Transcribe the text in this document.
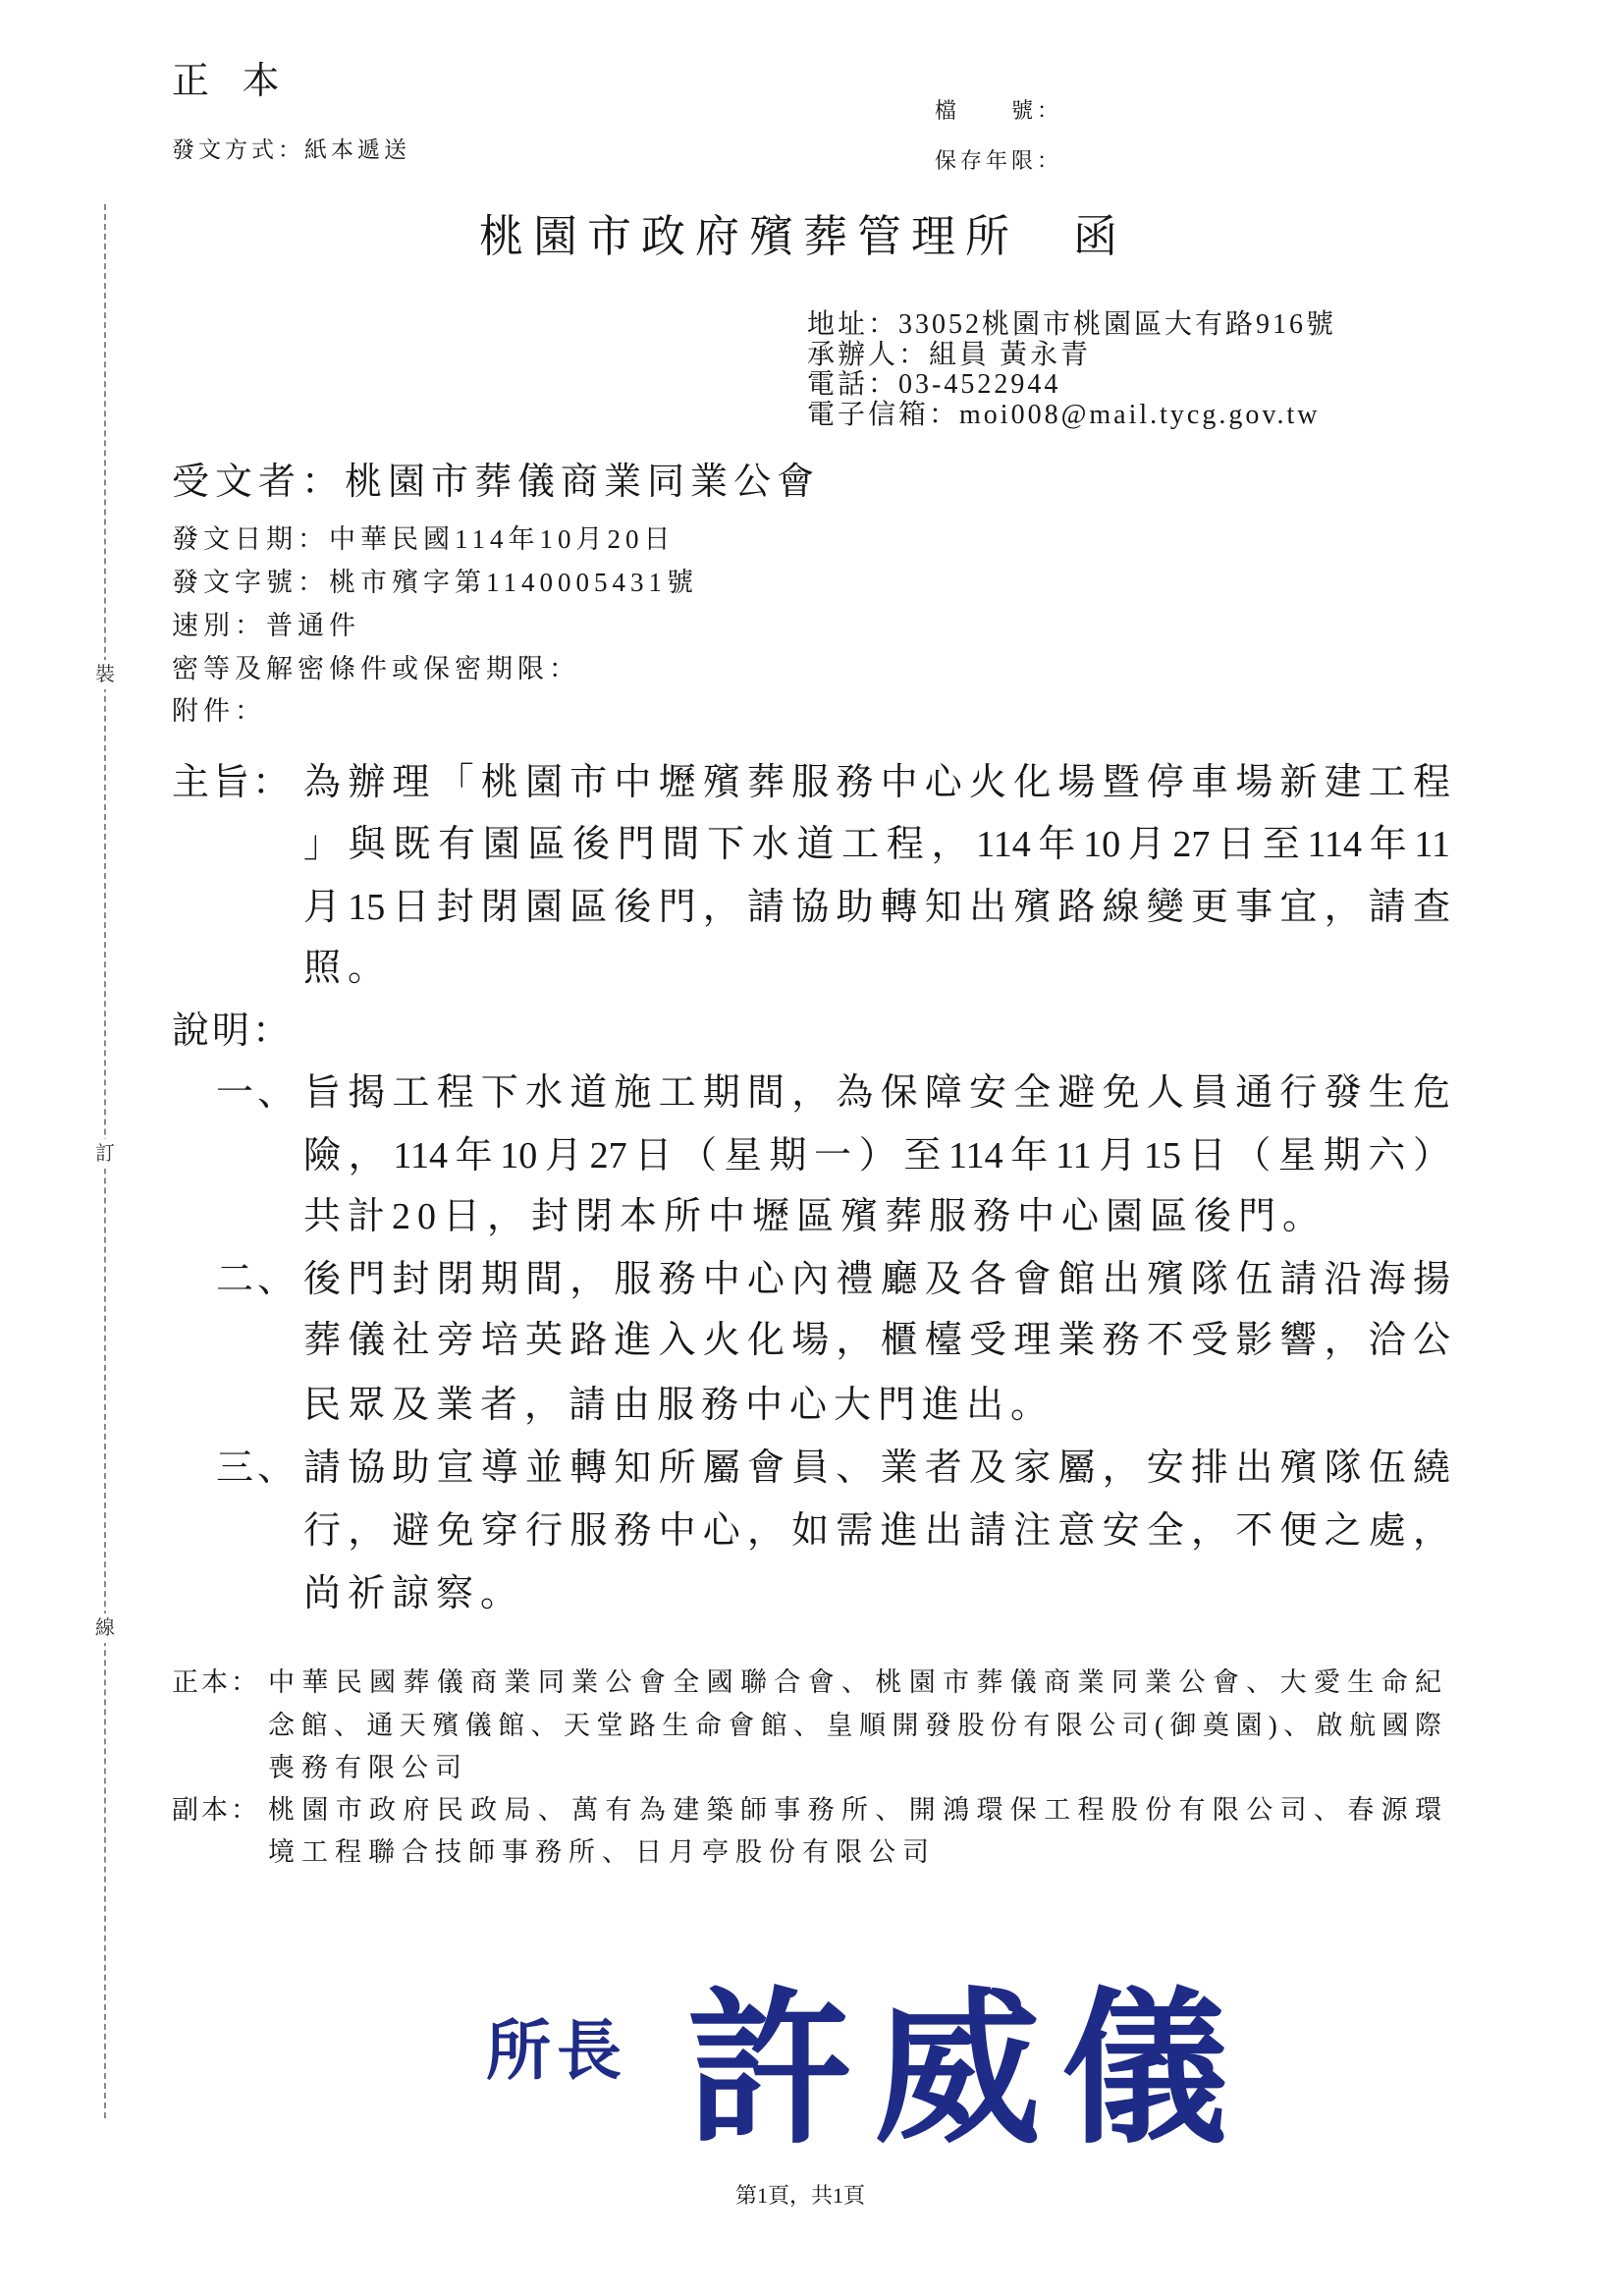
裝
訂
線
正 本
發文方式：紙本遞送
檔　　號：
保存年限：
桃園市政府殯葬管理所　函
地址：33052桃園市桃園區大有路916號
承辦人：組員 黃永青
電話：03-4522944
電子信箱：moi008@mail.tycg.gov.tw
受文者：桃園市葬儀商業同業公會
發文日期：中華民國114年10月20日
發文字號：桃市殯字第1140005431號
速別：普通件
密等及解密條件或保密期限：
附件：
主旨： 為辦理「桃園市中壢殯葬服務中心火化場暨停車場新建工程
」與既有園區後門間下水道工程，114年10月27日至114年11
月15日封閉園區後門，請協助轉知出殯路線變更事宜，請查
照。
說明：
一、 旨揭工程下水道施工期間，為保障安全避免人員通行發生危
險，114年10月27日（星期一）至114年11月15日（星期六）
共計20日，封閉本所中壢區殯葬服務中心園區後門。
二、 後門封閉期間，服務中心內禮廳及各會館出殯隊伍請沿海揚
葬儀社旁培英路進入火化場，櫃檯受理業務不受影響，洽公
民眾及業者，請由服務中心大門進出。
三、 請協助宣導並轉知所屬會員、業者及家屬，安排出殯隊伍繞
行，避免穿行服務中心，如需進出請注意安全，不便之處，
尚祈諒察。
正本： 中華民國葬儀商業同業公會全國聯合會、桃園市葬儀商業同業公會、大愛生命紀
念館、通天殯儀館、天堂路生命會館、皇順開發股份有限公司(御奠園)、啟航國際
喪務有限公司
副本： 桃園市政府民政局、萬有為建築師事務所、開鴻環保工程股份有限公司、春源環
境工程聯合技師事務所、日月亭股份有限公司
所長 許威儀
第1頁，共1頁
